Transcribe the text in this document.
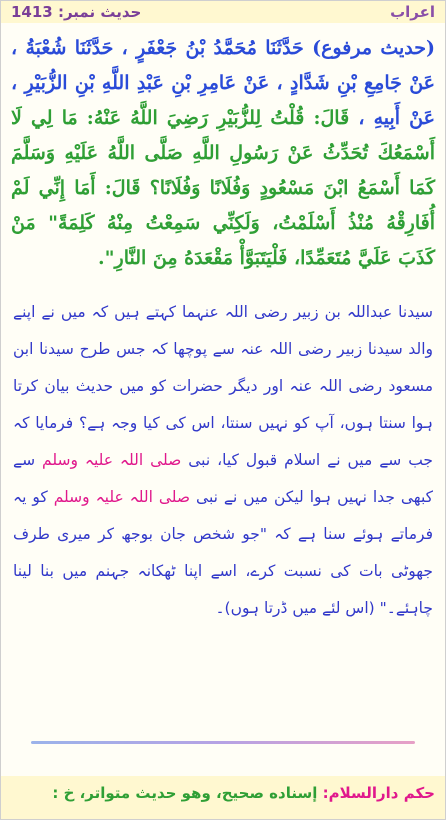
حديث نمبر: 1413	اعراب
(حديث مرفوع) حَدَّثَنَا مُحَمَّدُ بْنُ جَعْفَرٍ ، حَدَّثَنَا شُعْبَةُ ، عَنْ جَامِعِ بْنِ شَدَّادٍ ، عَنْ عَامِرِ بْنِ عَبْدِ اللَّهِ بْنِ الزُّبَيْرِ ، عَنْ أَبِيهِ ، قَالَ: قُلْتُ لِلزُّبَيْرِ رَضِيَ اللَّهُ عَنْهُ: مَا لِي لَا أَسْمَعُكَ تُحَدِّثُ عَنْ رَسُولِ اللَّهِ صَلَّى اللَّهُ عَلَيْهِ وَسَلَّمَ كَمَا أَسْمَعُ ابْنَ مَسْعُودٍ وَفُلَانًا وَفُلَانًا؟ قَالَ: أَمَا إِنِّي لَمْ أُفَارِقْهُ مُنْذُ أَسْلَمْتُ، وَلَكِنِّي سَمِعْتُ مِنْهُ كَلِمَةً" مَنْ كَذَبَ عَلَيَّ مُتَعَمِّدًا، فَلْيَتَبَوَّأْ مَقْعَدَهُ مِنَ النَّارِ".
سیدنا عبداللہ بن زبیر رضی اللہ عنہما کہتے ہیں کہ میں نے اپنے والد سیدنا زبیر رضی اللہ عنہ سے پوچھا کہ جس طرح سیدنا ابن مسعود رضی اللہ عنہ اور دیگر حضرات کو میں حدیث بیان کرتا ہوا سنتا ہوں، آپ کو نہیں سنتا، اس کی کیا وجہ ہے؟ فرمایا کہ جب سے میں نے اسلام قبول کیا، نبی صلی اللہ علیہ وسلم سے کبھی جدا نہیں ہوا لیکن میں نے نبی صلی اللہ علیہ وسلم کو یہ فرماتے ہوئے سنا ہے کہ "جو شخص جان بوجھ کر میری طرف جھوٹی بات کی نسبت کرے، اسے اپنا ٹھکانہ جہنم میں بنا لینا چاہئے۔" (اس لئے میں ڈرتا ہوں)۔
حكم دارالسلام: إسناده صحيح، وهو حديث متواتر، خ :
